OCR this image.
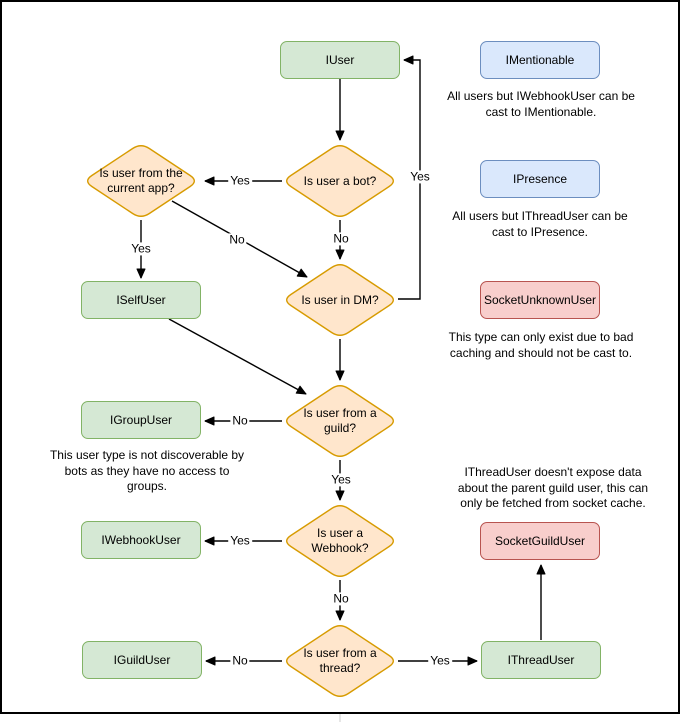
IUser	IMentionable
IPresence
SocketUnknownUser
ISelfUser
IGroupUser
IWebhookUser
IGuildUser
SocketGuildUser
IThreadUser
Is user a bot?
Is user from the current app?
Is user in DM?
Is user from a guild?
Is user a Webhook?
Is user from a thread?
Yes
No
Yes
No
Yes
No
Yes
Yes
No
No	Yes
All users but IWebhookUser can be
cast to IMentionable.
All users but IThreadUser can be
cast to IPresence.
This type can only exist due to bad
caching and should not be cast to.
This user type is not discoverable by
bots as they have no access to
groups.
IThreadUser doesn't expose data
about the parent guild user, this can
only be fetched from socket cache.
